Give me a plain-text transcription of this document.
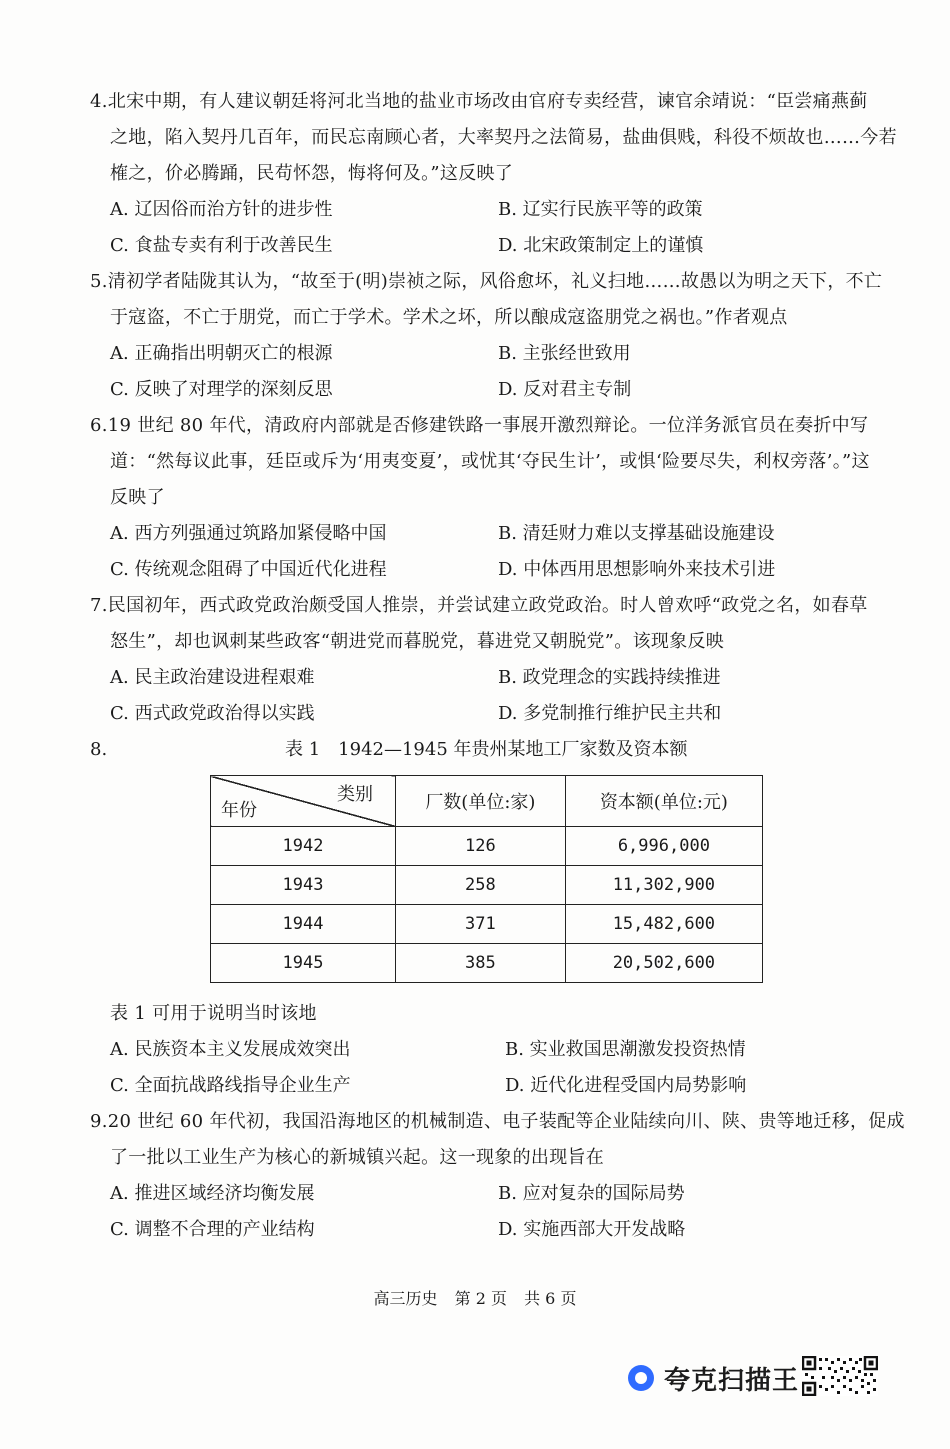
4.北宋中期，有人建议朝廷将河北当地的盐业市场改由官府专卖经营，谏官余靖说：“臣尝痛燕蓟
之地，陷入契丹几百年，而民忘南顾心者，大率契丹之法简易，盐曲俱贱，科役不烦故也……今若
榷之，价必腾踊，民苟怀怨，悔将何及。”这反映了
A. 辽因俗而治方针的进步性	B. 辽实行民族平等的政策
C. 食盐专卖有利于改善民生	D. 北宋政策制定上的谨慎
5.清初学者陆陇其认为，“故至于(明)崇祯之际，风俗愈坏，礼义扫地……故愚以为明之天下，不亡
于寇盗，不亡于朋党，而亡于学术。学术之坏，所以酿成寇盗朋党之祸也。”作者观点
A. 正确指出明朝灭亡的根源	B. 主张经世致用
C. 反映了对理学的深刻反思	D. 反对君主专制
6.19 世纪 80 年代，清政府内部就是否修建铁路一事展开激烈辩论。一位洋务派官员在奏折中写
道：“然每议此事，廷臣或斥为‘用夷变夏’，或忧其‘夺民生计’，或惧‘险要尽失，利权旁落’。”这
反映了
A. 西方列强通过筑路加紧侵略中国	B. 清廷财力难以支撑基础设施建设
C. 传统观念阻碍了中国近代化进程	D. 中体西用思想影响外来技术引进
7.民国初年，西式政党政治颇受国人推崇，并尝试建立政党政治。时人曾欢呼“政党之名，如春草
怒生”，却也讽刺某些政客“朝进党而暮脱党，暮进党又朝脱党”。该现象反映
A. 民主政治建设进程艰难	B. 政党理念的实践持续推进
C. 西式政党政治得以实践	D. 多党制推行维护民主共和
8.	表 1　1942—1945 年贵州某地工厂家数及资本额
类别
年份	厂数(单位:家)	资本额(单位:元)
1942	126	6,996,000
1943	258	11,302,900
1944	371	15,482,600
1945	385	20,502,600
表 1 可用于说明当时该地
A. 民族资本主义发展成效突出	B. 实业救国思潮激发投资热情
C. 全面抗战路线指导企业生产	D. 近代化进程受国内局势影响
9.20 世纪 60 年代初，我国沿海地区的机械制造、电子装配等企业陆续向川、陕、贵等地迁移，促成
了一批以工业生产为核心的新城镇兴起。这一现象的出现旨在
A. 推进区域经济均衡发展	B. 应对复杂的国际局势
C. 调整不合理的产业结构	D. 实施西部大开发战略
高三历史 第 2 页 共 6 页
夸克扫描王
